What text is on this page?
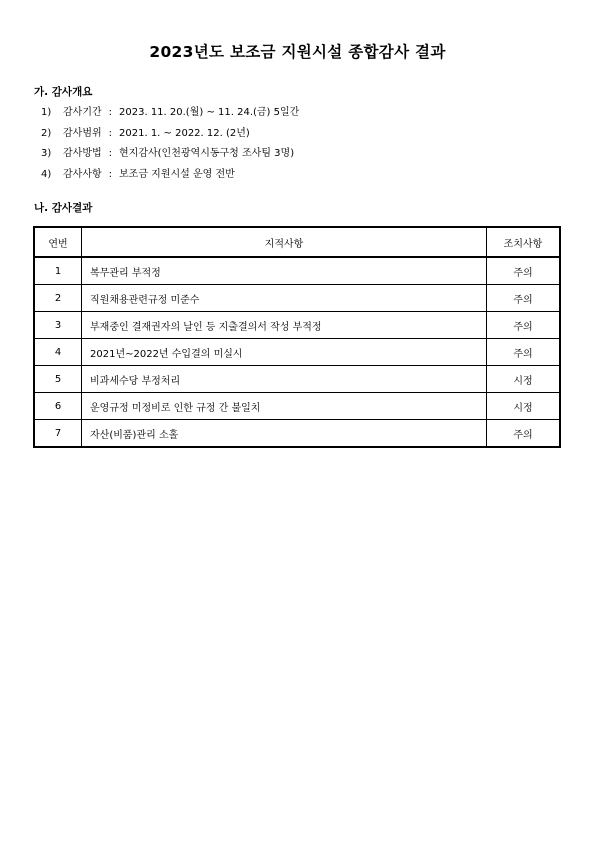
2023년도 보조금 지원시설 종합감사 결과
가. 감사개요
1) 감사기간 : 2023. 11. 20.(월) ~ 11. 24.(금) 5일간
2) 감사범위 : 2021. 1. ~ 2022. 12. (2년)
3) 감사방법 : 현지감사(인천광역시동구청 조사팀 3명)
4) 감사사항 : 보조금 지원시설 운영 전반
나. 감사결과
연번	지적사항	조치사항
1	복무관리 부적정	주의
2	직원채용관련규정 미준수	주의
3	부재중인 결재권자의 날인 등 지출결의서 작성 부적정	주의
4	2021년~2022년 수입결의 미실시	주의
5	비과세수당 부정처리	시정
6	운영규정 미정비로 인한 규정 간 불일치	시정
7	자산(비품)관리 소홀	주의
